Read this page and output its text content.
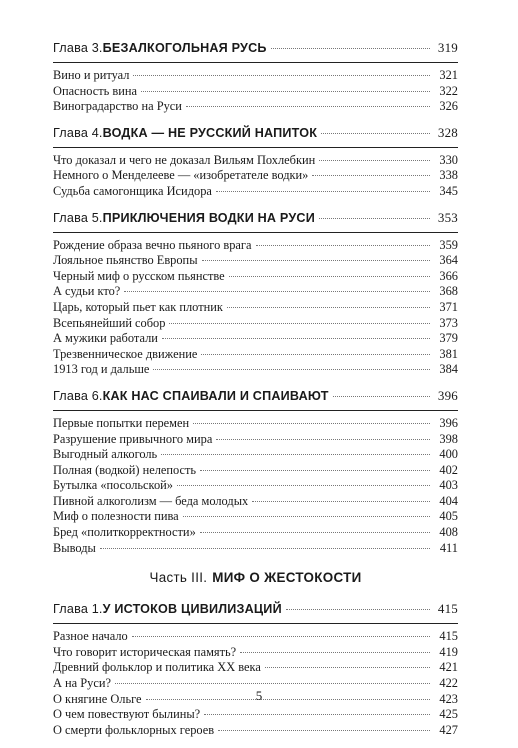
Глава 3. БЕЗАЛКОГОЛЬНАЯ РУСЬ	319
Вино и ритуал	321
Опасность вина	322
Виноградарство на Руси	326
Глава 4. ВОДКА — НЕ РУССКИЙ НАПИТОК	328
Что доказал и чего не доказал Вильям Похлебкин	330
Немного о Менделееве — «изобретателе водки»	338
Судьба самогонщика Исидора	345
Глава 5. ПРИКЛЮЧЕНИЯ ВОДКИ НА РУСИ	353
Рождение образа вечно пьяного врага	359
Лояльное пьянство Европы	364
Черный миф о русском пьянстве	366
А судьи кто?	368
Царь, который пьет как плотник	371
Всепьянейший собор	373
А мужики работали	379
Трезвенническое движение	381
1913 год и дальше	384
Глава 6. КАК НАС СПАИВАЛИ И СПАИВАЮТ	396
Первые попытки перемен	396
Разрушение привычного мира	398
Выгодный алкоголь	400
Полная (водкой) нелепость	402
Бутылка «посольской»	403
Пивной алкоголизм — беда молодых	404
Миф о полезности пива	405
Бред «политкорректности»	408
Выводы	411
Часть III. МИФ О ЖЕСТОКОСТИ
Глава 1. У ИСТОКОВ ЦИВИЛИЗАЦИЙ	415
Разное начало	415
Что говорит историческая память?	419
Древний фольклор и политика XX века	421
А на Руси?	422
О княгине Ольге	423
О чем повествуют былины?	425
О смерти фольклорных героев	427
5
